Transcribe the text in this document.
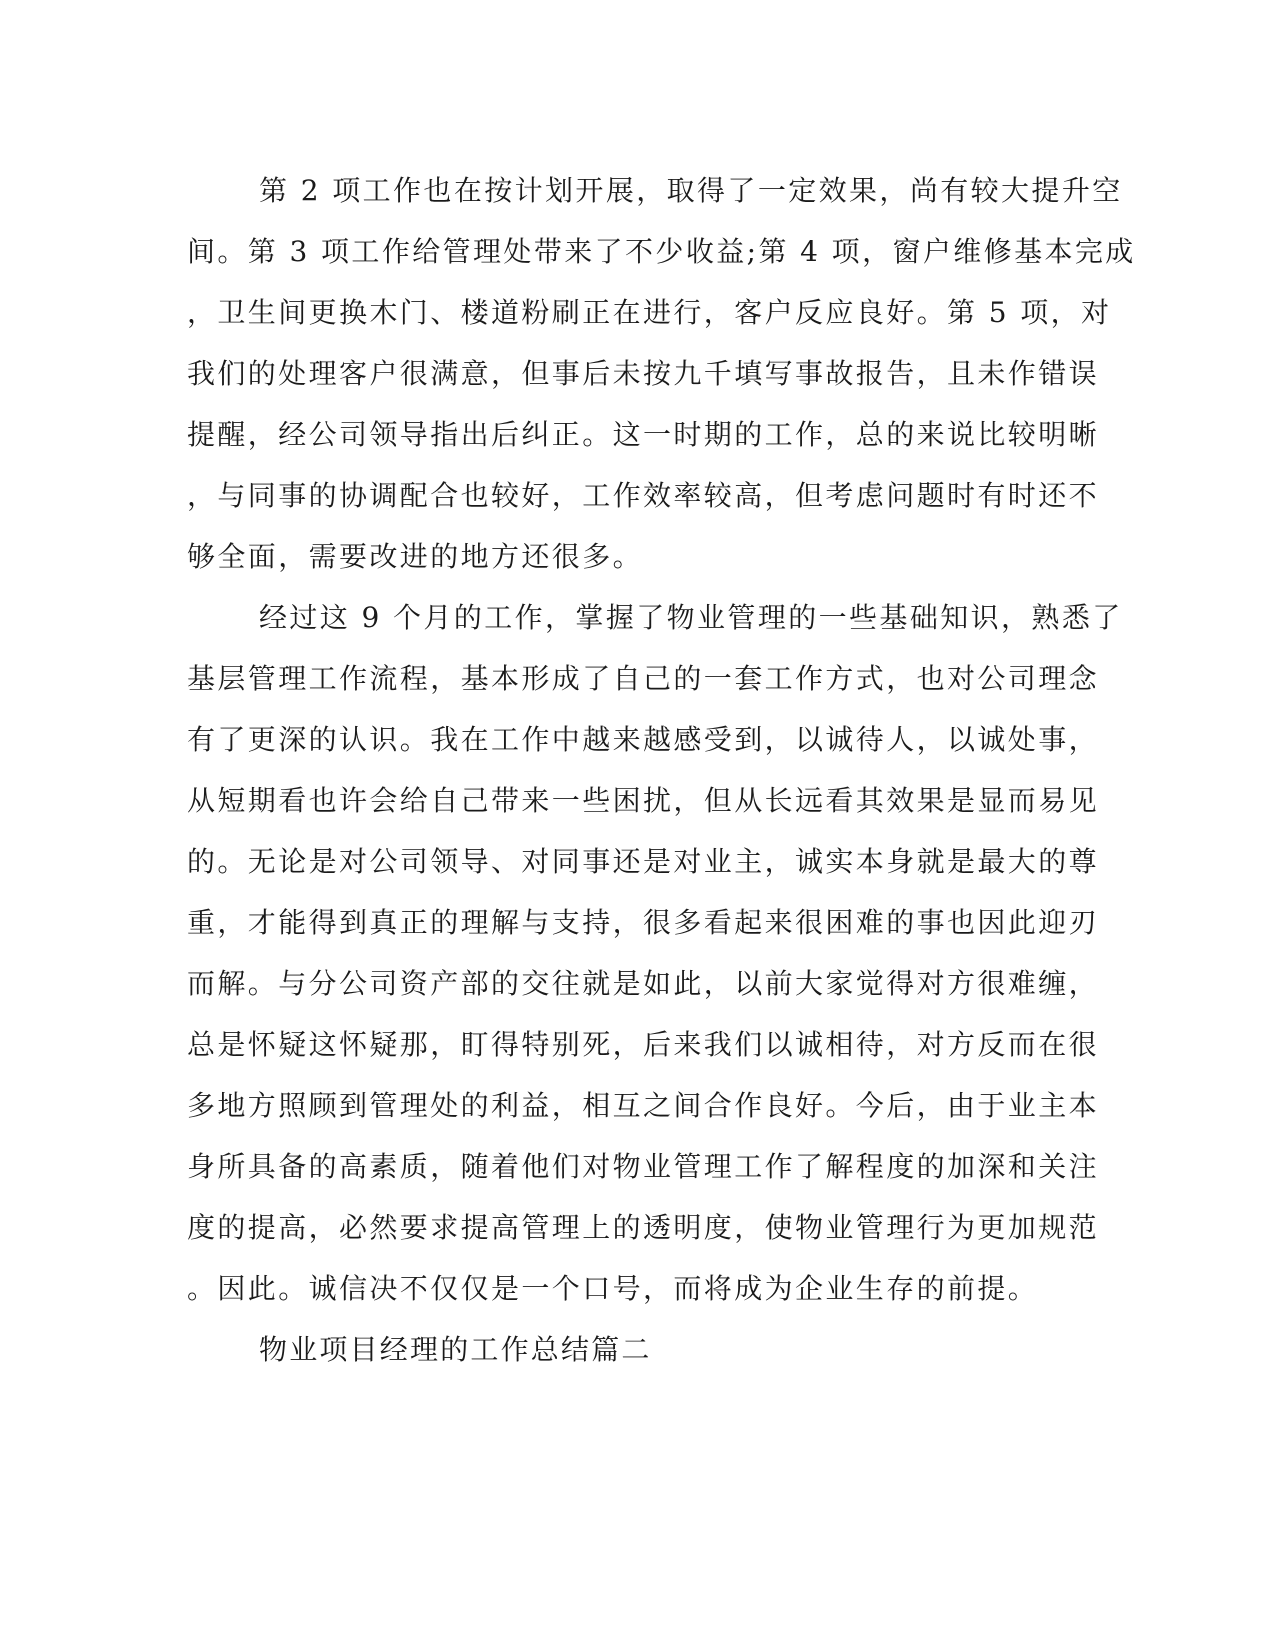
第 2 项工作也在按计划开展，取得了一定效果，尚有较大提升空
间。第 3 项工作给管理处带来了不少收益;第 4 项，窗户维修基本完成
，卫生间更换木门、楼道粉刷正在进行，客户反应良好。第 5 项，对
我们的处理客户很满意，但事后未按九千填写事故报告，且未作错误
提醒，经公司领导指出后纠正。这一时期的工作，总的来说比较明晰
，与同事的协调配合也较好，工作效率较高，但考虑问题时有时还不
够全面，需要改进的地方还很多。
经过这 9 个月的工作，掌握了物业管理的一些基础知识，熟悉了
基层管理工作流程，基本形成了自己的一套工作方式，也对公司理念
有了更深的认识。我在工作中越来越感受到，以诚待人，以诚处事，
从短期看也许会给自己带来一些困扰，但从长远看其效果是显而易见
的。无论是对公司领导、对同事还是对业主，诚实本身就是最大的尊
重，才能得到真正的理解与支持，很多看起来很困难的事也因此迎刃
而解。与分公司资产部的交往就是如此，以前大家觉得对方很难缠，
总是怀疑这怀疑那，盯得特别死，后来我们以诚相待，对方反而在很
多地方照顾到管理处的利益，相互之间合作良好。今后，由于业主本
身所具备的高素质，随着他们对物业管理工作了解程度的加深和关注
度的提高，必然要求提高管理上的透明度，使物业管理行为更加规范
。因此。诚信决不仅仅是一个口号，而将成为企业生存的前提。
物业项目经理的工作总结篇二
